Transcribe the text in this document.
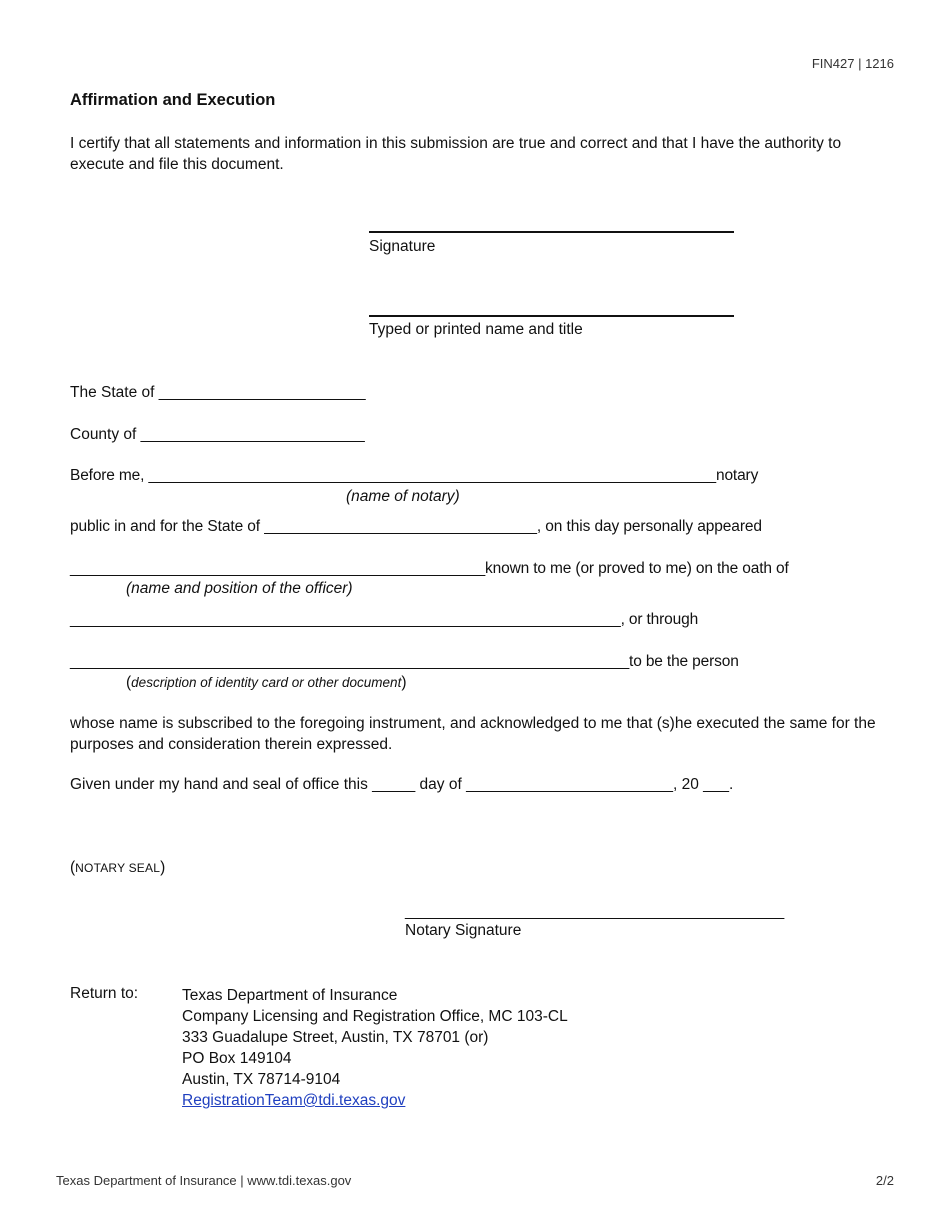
FIN427 | 1216
Affirmation and Execution
I certify that all statements and information in this submission are true and correct and that I have the authority to execute and file this document.
Signature
Typed or printed name and title
The State of ________________________
County of __________________________
Before me, ___________________________________________________________________notary
(name of notary)
public in and for the State of ________________________________, on this day personally appeared
_________________________________________________known to me (or proved to me) on the oath of
(name and position of the officer)
_________________________________________________________________, or through
__________________________________________________________________to be the person
(description of identity card or other document)
whose name is subscribed to the foregoing instrument, and acknowledged to me that (s)he executed the same for the purposes and consideration therein expressed.
Given under my hand and seal of office this _____ day of ________________________, 20 ___.
(NOTARY SEAL)
____________________________________________
Notary Signature
Return to:	Texas Department of Insurance
Company Licensing and Registration Office, MC 103-CL
333 Guadalupe Street, Austin, TX 78701 (or)
PO Box 149104
Austin, TX 78714-9104
RegistrationTeam@tdi.texas.gov
Texas Department of Insurance | www.tdi.texas.gov	2/2
